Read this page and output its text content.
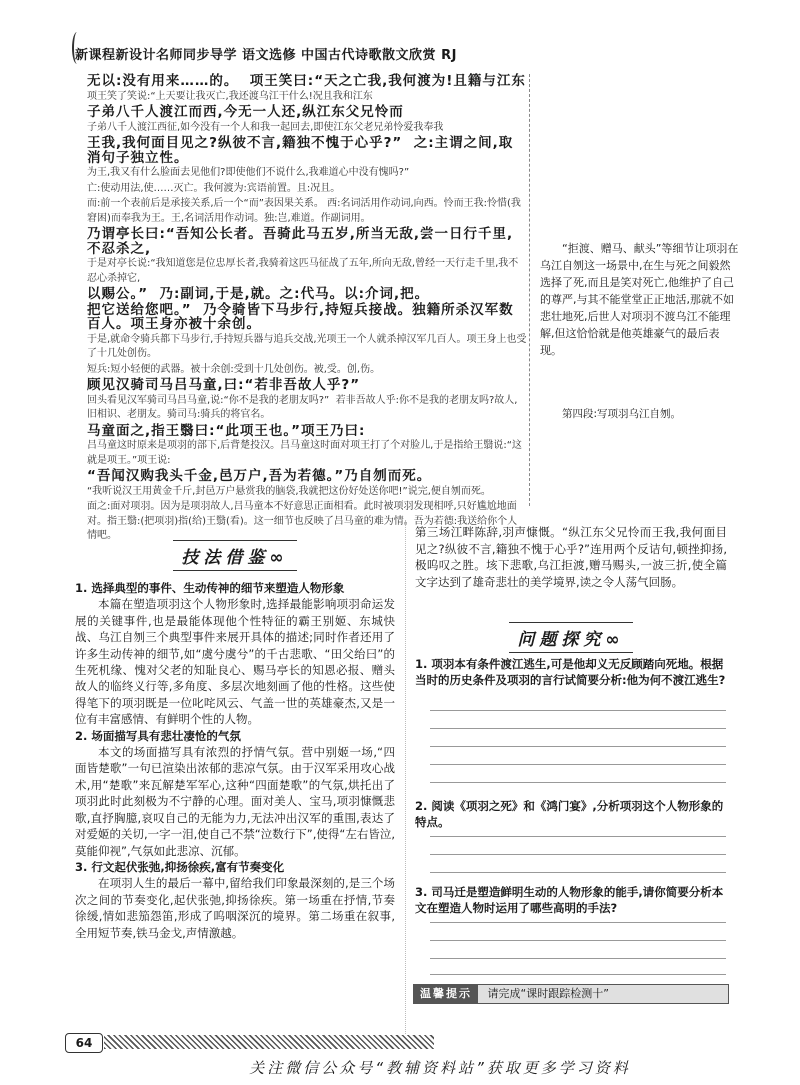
新课程新设计名师同步导学 语文选修 中国古代诗歌散文欣赏 RJ

无以:没有用来……的。  项王笑曰:“天之亡我,我何渡为!且籍与江东

项王笑了笑说:“上天要让我灭亡,我还渡乌江干什么!况且我和江东

子弟八千人渡江而西,今无一人还,纵江东父兄怜而

子弟八千人渡江西征,如今没有一个人和我一起回去,即使江东父老兄弟怜爱我奉我

王我,我何面目见之?纵彼不言,籍独不愧于心乎?”  之:主谓之间,取消句子独立性。

为王,我又有什么脸面去见他们?即使他们不说什么,我难道心中没有愧吗?”

亡:使动用法,使……灭亡。我何渡为:宾语前置。且:况且。

而:前一个表前后是承接关系,后一个“而”表因果关系。 西:名词活用作动词,向西。怜而王我:怜惜(我窘困)而奉我为王。王,名词活用作动词。独:岂,难道。作副词用。

乃谓亭长曰:“吾知公长者。吾骑此马五岁,所当无敌,尝一日行千里,不忍杀之,

于是对亭长说:“我知道您是位忠厚长者,我骑着这匹马征战了五年,所向无敌,曾经一天行走千里,我不忍心杀掉它,

以赐公。”  乃:副词,于是,就。之:代马。以:介词,把。

把它送给您吧。”  乃令骑皆下马步行,持短兵接战。独籍所杀汉军数百人。项王身亦被十余创。

于是,就命令骑兵都下马步行,手持短兵器与追兵交战,光项王一个人就杀掉汉军几百人。项王身上也受了十几处创伤。

短兵:短小轻便的武器。被十余创:受到十几处创伤。被,受。创,伤。

顾见汉骑司马吕马童,曰:“若非吾故人乎?”

回头看见汉军骑司马吕马童,说:“你不是我的老朋友吗?”  若非吾故人乎:你不是我的老朋友吗?故人,旧相识、老朋友。骑司马:骑兵的将官名。

马童面之,指王翳曰:“此项王也。”项王乃曰:

吕马童这时原来是项羽的部下,后背楚投汉。吕马童这时面对项王打了个对脸儿,于是指给王翳说:“这就是项王。”项王说:

“吾闻汉购我头千金,邑万户,吾为若德。”乃自刎而死。

“我听说汉王用黄金千斤,封邑万户悬赏我的脑袋,我就把这份好处送你吧!”说完,便自刎而死。

面之:面对项羽。因为是项羽故人,吕马童本不好意思正面相看。此时被项羽发现相呼,只好尴尬地面对。指王翳:(把项羽)指(给)王翳(看)。这一细节也反映了吕马童的难为情。吾为若德:我送给你个人情吧。

“拒渡、赠马、献头”等细节让项羽在乌江自刎这一场景中,在生与死之间毅然选择了死,而且是笑对死亡,他维护了自己的尊严,与其不能堂堂正正地活,那就不如悲壮地死,后世人对项羽不渡乌江不能理解,但这恰恰就是他英雄豪气的最后表现。
第四段:写项羽乌江自刎。
技法借鉴∞
1. 选择典型的事件、生动传神的细节来塑造人物形象

本篇在塑造项羽这个人物形象时,选择最能影响项羽命运发展的关键事件,也是最能体现他个性特征的霸王别姬、东城快战、乌江自刎三个典型事件来展开具体的描述;同时作者还用了许多生动传神的细节,如“虞兮虞兮”的千古悲歌、“田父绐曰”的生死机缘、愧对父老的知耻良心、赐马亭长的知恩必报、赠头故人的临终义行等,多角度、多层次地刻画了他的性格。这些使得笔下的项羽既是一位叱咤风云、气盖一世的英雄豪杰,又是一位有丰富感情、有鲜明个性的人物。

2. 场面描写具有悲壮凄怆的气氛

本文的场面描写具有浓烈的抒情气氛。营中别姬一场,“四面皆楚歌”一句已渲染出浓郁的悲凉气氛。由于汉军采用攻心战术,用“楚歌”来瓦解楚军军心,这种“四面楚歌”的气氛,烘托出了项羽此时此刻极为不宁静的心理。面对美人、宝马,项羽慷慨悲歌,直抒胸臆,哀叹自己的无能为力,无法冲出汉军的重围,表达了对爱姬的关切,一字一泪,使自己不禁“泣数行下”,使得“左右皆泣,莫能仰视”,气氛如此悲凉、沉郁。

3. 行文起伏张弛,抑扬徐疾,富有节奏变化

在项羽人生的最后一幕中,留给我们印象最深刻的,是三个场次之间的节奏变化,起伏张弛,抑扬徐疾。第一场重在抒情,节奏徐缓,情如悲笳怨笛,形成了呜咽深沉的境界。第二场重在叙事,全用短节奏,铁马金戈,声情激越。

第三场江畔陈辞,羽声慷慨。“纵江东父兄怜而王我,我何面目见之?纵彼不言,籍独不愧于心乎?”连用两个反诘句,顿挫抑扬,极呜叹之胜。垓下悲歌,乌江拒渡,赠马赐头,一波三折,使全篇文字达到了雄奇悲壮的美学境界,读之令人荡气回肠。

问题探究∞
1. 项羽本有条件渡江逃生,可是他却义无反顾踏向死地。根据当时的历史条件及项羽的言行试简要分析:他为何不渡江逃生?
2. 阅读《项羽之死》和《鸿门宴》,分析项羽这个人物形象的特点。
3. 司马迁是塑造鲜明生动的人物形象的能手,请你简要分析本文在塑造人物时运用了哪些高明的手法?
温馨提示 请完成“课时跟踪检测十”
64
关注微信公众号“教辅资料站”获取更多学习资料
